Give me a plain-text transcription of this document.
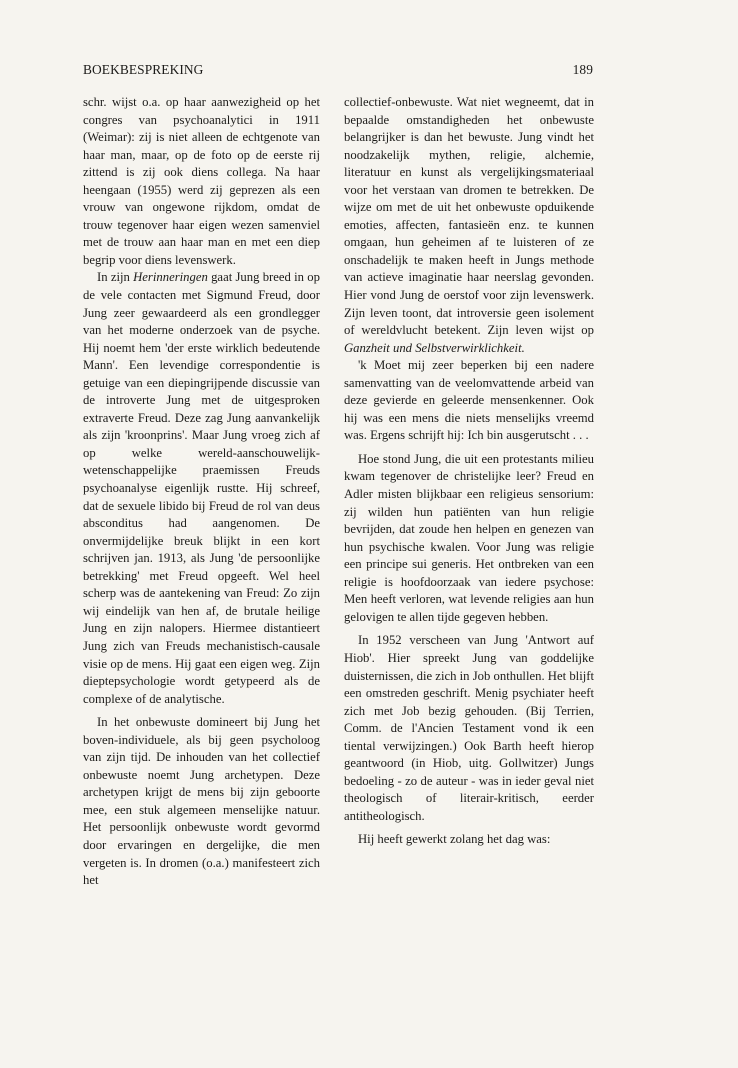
BOEKBESPREKING	189

schr. wijst o.a. op haar aanwezigheid op het congres van psychoanalytici in 1911 (Weimar): zij is niet alleen de echtgenote van haar man, maar, op de foto op de eerste rij zittend is zij ook diens collega. Na haar heengaan (1955) werd zij geprezen als een vrouw van ongewone rijkdom, omdat de trouw tegenover haar eigen wezen samenviel met de trouw aan haar man en met een diep begrip voor diens levenswerk.

In zijn Herinneringen gaat Jung breed in op de vele contacten met Sigmund Freud, door Jung zeer gewaardeerd als een grondlegger van het moderne onderzoek van de psyche. Hij noemt hem 'der erste wirklich bedeutende Mann'. Een levendige correspondentie is getuige van een diepingrijpende discussie van de introverte Jung met de uitgesproken extraverte Freud. Deze zag Jung aanvankelijk als zijn 'kroonprins'. Maar Jung vroeg zich af op welke wereld-aanschouwelijk-wetenschappelijke praemissen Freuds psychoanalyse eigenlijk rustte. Hij schreef, dat de sexuele libido bij Freud de rol van deus absconditus had aangenomen. De onvermijdelijke breuk blijkt in een kort schrijven jan. 1913, als Jung 'de persoonlijke betrekking' met Freud opgeeft. Wel heel scherp was de aantekening van Freud: Zo zijn wij eindelijk van hen af, de brutale heilige Jung en zijn nalopers. Hiermee distantieert Jung zich van Freuds mechanistisch-causale visie op de mens. Hij gaat een eigen weg. Zijn dieptepsychologie wordt getypeerd als de complexe of de analytische.

In het onbewuste domineert bij Jung het boven-individuele, als bij geen psycholoog van zijn tijd. De inhouden van het collectief onbewuste noemt Jung archetypen. Deze archetypen krijgt de mens bij zijn geboorte mee, een stuk algemeen menselijke natuur. Het persoonlijk onbewuste wordt gevormd door ervaringen en dergelijke, die men vergeten is. In dromen (o.a.) manifesteert zich het

collectief-onbewuste. Wat niet wegneemt, dat in bepaalde omstandigheden het onbewuste belangrijker is dan het bewuste. Jung vindt het noodzakelijk mythen, religie, alchemie, literatuur en kunst als vergelijkingsmateriaal voor het verstaan van dromen te betrekken. De wijze om met de uit het onbewuste opduikende emoties, affecten, fantasieën enz. te kunnen omgaan, hun geheimen af te luisteren of ze onschadelijk te maken heeft in Jungs methode van actieve imaginatie haar neerslag gevonden. Hier vond Jung de oerstof voor zijn levenswerk. Zijn leven toont, dat introversie geen isolement of wereldvlucht betekent. Zijn leven wijst op Ganzheit und Selbstverwirklichkeit.

'k Moet mij zeer beperken bij een nadere samenvatting van de veelomvattende arbeid van deze gevierde en geleerde mensenkenner. Ook hij was een mens die niets menselijks vreemd was. Ergens schrijft hij: Ich bin ausgerutscht . . .

Hoe stond Jung, die uit een protestants milieu kwam tegenover de christelijke leer? Freud en Adler misten blijkbaar een religieus sensorium: zij wilden hun patiënten van hun religie bevrijden, dat zoude hen helpen en genezen van hun psychische kwalen. Voor Jung was religie een principe sui generis. Het ontbreken van een religie is hoofdoorzaak van iedere psychose: Men heeft verloren, wat levende religies aan hun gelovigen te allen tijde gegeven hebben.

In 1952 verscheen van Jung 'Antwort auf Hiob'. Hier spreekt Jung van goddelijke duisternissen, die zich in Job onthullen. Het blijft een omstreden geschrift. Menig psychiater heeft zich met Job bezig gehouden. (Bij Terrien, Comm. de l'Ancien Testament vond ik een tiental verwijzingen.) Ook Barth heeft hierop geantwoord (in Hiob, uitg. Gollwitzer) Jungs bedoeling - zo de auteur - was in ieder geval niet theologisch of literair-kritisch, eerder antitheologisch.

Hij heeft gewerkt zolang het dag was:
